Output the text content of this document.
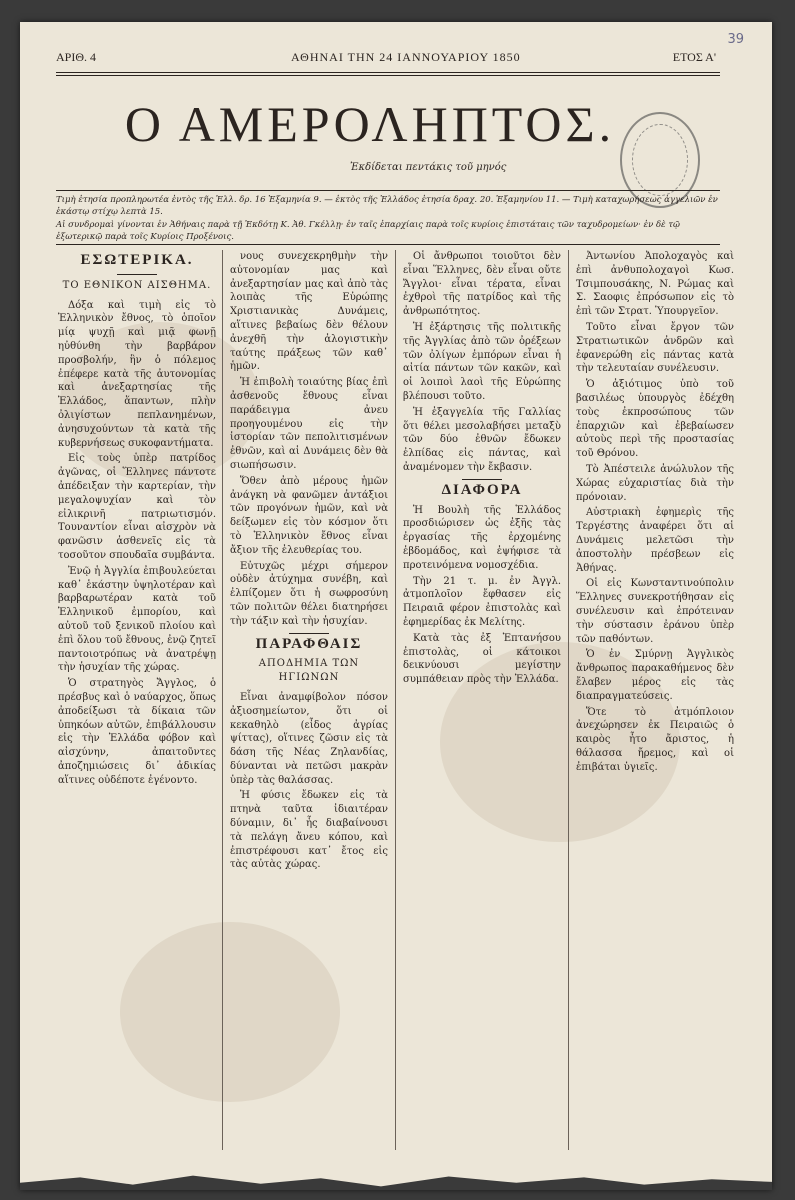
39
ΑΡΙΘ. 4	ΑΘΗΝΑΙ ΤΗΝ 24 ΙΑΝΝΟΥΑΡΙΟΥ 1850	ΕΤΟΣ Α'
Ο ΑΜΕΡΟΛΗΠΤΟΣ.
Ἐκδίδεται πεντάκις τοῦ μηνός
Τιμὴ ἐτησία προπληρωτέα ἐντὸς τῆς Ἑλλ. δρ. 16 Ἑξαμηνία 9. — ἐκτὸς τῆς Ἑλλάδος ἐτησία δραχ. 20. Ἑξαμηνίου 11. — Τιμὴ καταχωρήσεως ἀγγελιῶν ἐν ἑκάστῳ στίχῳ λεπτὰ 15.
Αἱ συνδρομαὶ γίνονται ἐν Ἀθήναις παρὰ τῇ Ἐκδότῃ Κ. Ἀθ. Γκέλλῃ· ἐν ταῖς ἐπαρχίαις παρὰ τοῖς κυρίοις ἐπιστάταις τῶν ταχυδρομείων· ἐν δὲ τῷ ἐξωτερικῷ παρὰ τοῖς Κυρίοις Προξένοις.
ΕΣΩΤΕΡΙΚΑ.
ΤΟ ΕΘΝΙΚΟΝ ΑΙΣΘΗΜΑ.

Δόξα καὶ τιμὴ εἰς τὸ Ἑλληνικὸν ἔθνος, τὸ ὁποῖον μίᾳ ψυχῇ καὶ μιᾷ φωνῇ ηὐθύνθη τὴν βαρβάρον προσβολήν, ἣν ὁ πόλεμος ἐπέφερε κατὰ τῆς ἀυτονομίας καὶ ἀνεξαρτησίας τῆς Ἑλλάδος, ἅπαντων, πλὴν ὀλιγίστων πεπλανημένων, ἀνησυχούντων τὰ κατὰ τῆς κυβερνήσεως συκοφαντήματα.

Εἰς τοὺς ὑπὲρ πατρίδος ἀγῶνας, οἱ Ἕλληνες πάντοτε ἀπέδειξαν τὴν καρτερίαν, τὴν μεγαλοψυχίαν καὶ τὸν εἰλικρινῆ πατριωτισμόν. Τουναντίον εἶναι αἰσχρὸν νὰ φανῶσιν ἀσθενεῖς εἰς τὰ τοσοῦτον σπουδαῖα συμβάντα.

Ἐνῷ ἡ Ἀγγλία ἐπιβουλεύεται καθ᾿ ἑκάστην ὑψηλοτέραν καὶ βαρβαρωτέραν κατὰ τοῦ Ἑλληνικοῦ ἐμπορίου, καὶ αὐτοῦ τοῦ ξενικοῦ πλοίου καὶ ἐπὶ ὅλου τοῦ ἔθνους, ἐνῷ ζητεῖ παντοιοτρόπως νὰ ἀνατρέψῃ τὴν ἡσυχίαν τῆς χώρας.

Ὁ στρατηγὸς Ἄγγλος, ὁ πρέσβυς καὶ ὁ ναύαρχος, ὅπως ἀποδείξωσι τὰ δίκαια τῶν ὑπηκόων αὐτῶν, ἐπιβάλλουσιν εἰς τὴν Ἑλλάδα φόβον καὶ αἰσχύνην, ἀπαιτοῦντες ἀποζημιώσεις δι᾿ ἀδικίας αἵτινες οὐδέποτε ἐγένοντο.

νους συνεχεκρηθμὴν τὴν αὐτονομίαν μας καὶ ἀνεξαρτησίαν μας καὶ ἀπὸ τὰς λοιπὰς τῆς Εὐρώπης Χριστιανικὰς Δυνάμεις, αἵτινες βεβαίως δὲν θέλουν ἀνεχθῆ τὴν ἀλογιστικὴν ταύτης πράξεως τῶν καθ᾿ ἡμῶν.

Ἡ ἐπιβολὴ τοιαύτης βίας ἐπὶ ἀσθενοῦς ἔθνους εἶναι παράδειγμα ἀνευ προηγουμένου εἰς τὴν ἱστορίαν τῶν πεπολιτισμένων ἐθνῶν, καὶ αἱ Δυνάμεις δὲν θὰ σιωπήσωσιν.

Ὅθεν ἀπὸ μέρους ἡμῶν ἀνάγκη νὰ φανῶμεν ἀντάξιοι τῶν προγόνων ἡμῶν, καὶ νὰ δείξωμεν εἰς τὸν κόσμον ὅτι τὸ Ἑλληνικὸν ἔθνος εἶναι ἄξιον τῆς ἐλευθερίας του.

Εὐτυχῶς μέχρι σήμερον οὐδὲν ἀτύχημα συνέβη, καὶ ἐλπίζομεν ὅτι ἡ σωφροσύνη τῶν πολιτῶν θέλει διατηρήσει τὴν τάξιν καὶ τὴν ἡσυχίαν.

ΠΑΡΑΦΘΑΙΣ
ΑΠΟΔΗΜΙΑ ΤΩΝ ΗΓΙΩΝΩΝ

Εἶναι ἀναμφίβολον πόσον ἀξιοσημείωτον, ὅτι οἱ κεκαθηλὸ (εἶδος ἀγρίας ψίττας), οἵτινες ζῶσιν εἰς τὰ δάση τῆς Νέας Ζηλανδίας, δύνανται νὰ πετῶσι μακρὰν ὑπὲρ τὰς θαλάσσας.

Ἡ φύσις ἔδωκεν εἰς τὰ πτηνὰ ταῦτα ἰδιαιτέραν δύναμιν, δι᾿ ἧς διαβαίνουσι τὰ πελάγη ἄνευ κόπου, καὶ ἐπιστρέφουσι κατ᾿ ἔτος εἰς τὰς αὐτὰς χώρας.

Οἱ ἄνθρωποι τοιοῦτοι δὲν εἶναι Ἕλληνες, δὲν εἶναι οὔτε Ἄγγλοι· εἶναι τέρατα, εἶναι ἐχθροὶ τῆς πατρίδος καὶ τῆς ἀνθρωπότητος.

Ἡ ἐξάρτησις τῆς πολιτικῆς τῆς Ἀγγλίας ἀπὸ τῶν ὀρέξεων τῶν ὀλίγων ἐμπόρων εἶναι ἡ αἰτία πάντων τῶν κακῶν, καὶ οἱ λοιποὶ λαοὶ τῆς Εὐρώπης βλέπουσι τοῦτο.

Ἡ ἐξαγγελία τῆς Γαλλίας ὅτι θέλει μεσολαβήσει μεταξὺ τῶν δύο ἐθνῶν ἔδωκεν ἐλπίδας εἰς πάντας, καὶ ἀναμένομεν τὴν ἔκβασιν.

ΔΙΑΦΟΡΑ

Ἡ Βουλὴ τῆς Ἑλλάδος προσδιώρισεν ὡς ἐξῆς τὰς ἐργασίας τῆς ἐρχομένης ἑβδομάδος, καὶ ἐψήφισε τὰ προτεινόμενα νομοσχέδια.

Τὴν 21 τ. μ. ἐν Ἀγγλ. ἀτμοπλοῖον ἔφθασεν εἰς Πειραιᾶ φέρον ἐπιστολὰς καὶ ἐφημερίδας ἐκ Μελίτης.

Κατὰ τὰς ἐξ Ἑπτανήσου ἐπιστολὰς, οἱ κάτοικοι δεικνύουσι μεγίστην συμπάθειαν πρὸς τὴν Ἑλλάδα.

Ἀντωνίου Ἀπολοχαγὸς καὶ ἐπὶ ἀνθυπολοχαγοὶ Κωσ. Τσιμπουσάκης, Ν. Ρώμας καὶ Σ. Σαοφις ἐπρόσωπον εἰς τὸ ἐπὶ τῶν Στρατ. Ὑπουργεῖον.

Τοῦτο εἶναι ἔργον τῶν Στρατιωτικῶν ἀνδρῶν καὶ ἐφανερώθη εἰς πάντας κατὰ τὴν τελευταίαν συνέλευσιν.

Ὁ ἀξιότιμος ὑπὸ τοῦ βασιλέως ὑπουργὸς ἐδέχθη τοὺς ἐκπροσώπους τῶν ἐπαρχιῶν καὶ ἐβεβαίωσεν αὐτοὺς περὶ τῆς προστασίας τοῦ Θρόνου.

Τὸ Ἀπέστειλε ἀνώλυλον τῆς Χώρας εὐχαριστίας διὰ τὴν πρόνοιαν.

Αὐστριακὴ ἐφημερὶς τῆς Τεργέστης ἀναφέρει ὅτι αἱ Δυνάμεις μελετῶσι τὴν ἀποστολὴν πρέσβεων εἰς Ἀθήνας.

Οἱ εἰς Κωνσταντινούπολιν Ἕλληνες συνεκροτήθησαν εἰς συνέλευσιν καὶ ἐπρότειναν τὴν σύστασιν ἐράνου ὑπὲρ τῶν παθόντων.

Ὁ ἐν Σμύρνῃ Ἀγγλικὸς ἄνθρωπος παρακαθήμενος δὲν ἔλαβεν μέρος εἰς τὰς διαπραγματεύσεις.

Ὅτε τὸ ἀτμόπλοιον ἀνεχώρησεν ἐκ Πειραιῶς ὁ καιρὸς ἦτο ἄριστος, ἡ θάλασσα ἤρεμος, καὶ οἱ ἐπιβάται ὑγιεῖς.
